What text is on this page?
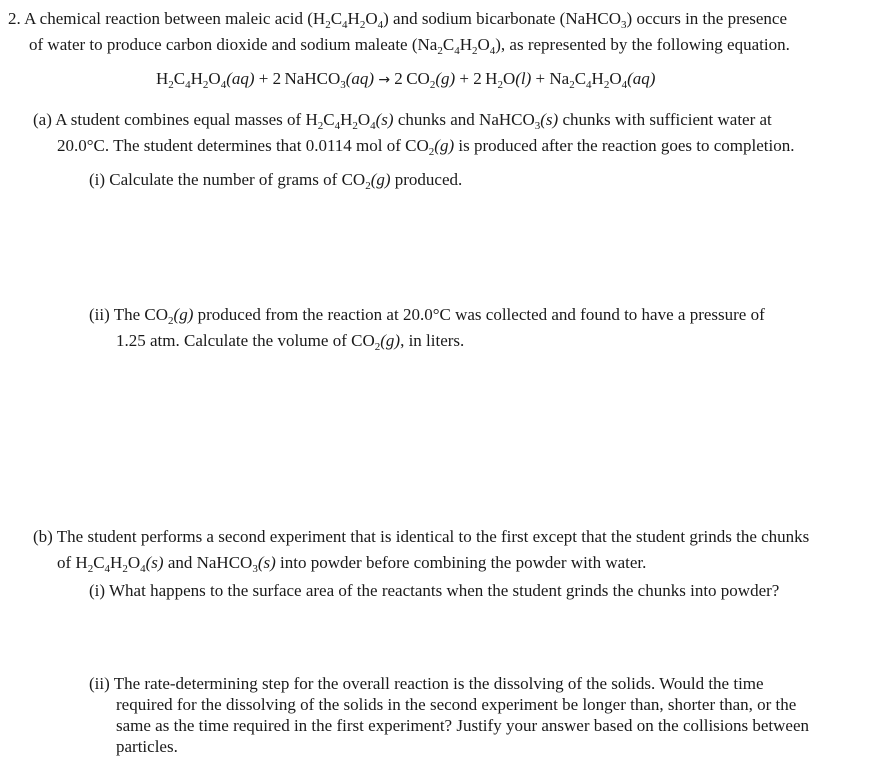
2. A chemical reaction between maleic acid $(H_2C_4H_2O_4)$ and sodium bicarbonate (NaHCO$_3$) occurs in the presence
of water to produce carbon dioxide and sodium maleate $(Na_2C_4H_2O_4)$, as represented by the following equation.
$H_2C_4H_2O_4(aq) + 2$  NaHCO$_3$(aq) → 2  $CO_2(g) + 2$  $H_2O(l) + Na_2C_4H_2O_4(aq)$
(a) A student combines equal masses of $H_2C_4H_2O_4(s)$ chunks and NaHCO$_3$(s) chunks with sufficient water at
20.0°C. The student determines that 0.0114 mol of $CO_2(g)$ is produced after the reaction goes to completion.
(i) Calculate the number of grams of $CO_2(g)$ produced.
(ii) The $CO_2(g)$ produced from the reaction at 20.0°C was collected and found to have a pressure of
1.25 atm. Calculate the volume of $CO_2(g)$, in liters.
(b) The student performs a second experiment that is identical to the first except that the student grinds the chunks
of $H_2C_4H_2O_4(s)$ and NaHCO$_3$(s) into powder before combining the powder with water.
(i) What happens to the surface area of the reactants when the student grinds the chunks into powder?
(ii) The rate-determining step for the overall reaction is the dissolving of the solids. Would the time
required for the dissolving of the solids in the second experiment be longer than, shorter than, or the
same as the time required in the first experiment? Justify your answer based on the collisions between
particles.
